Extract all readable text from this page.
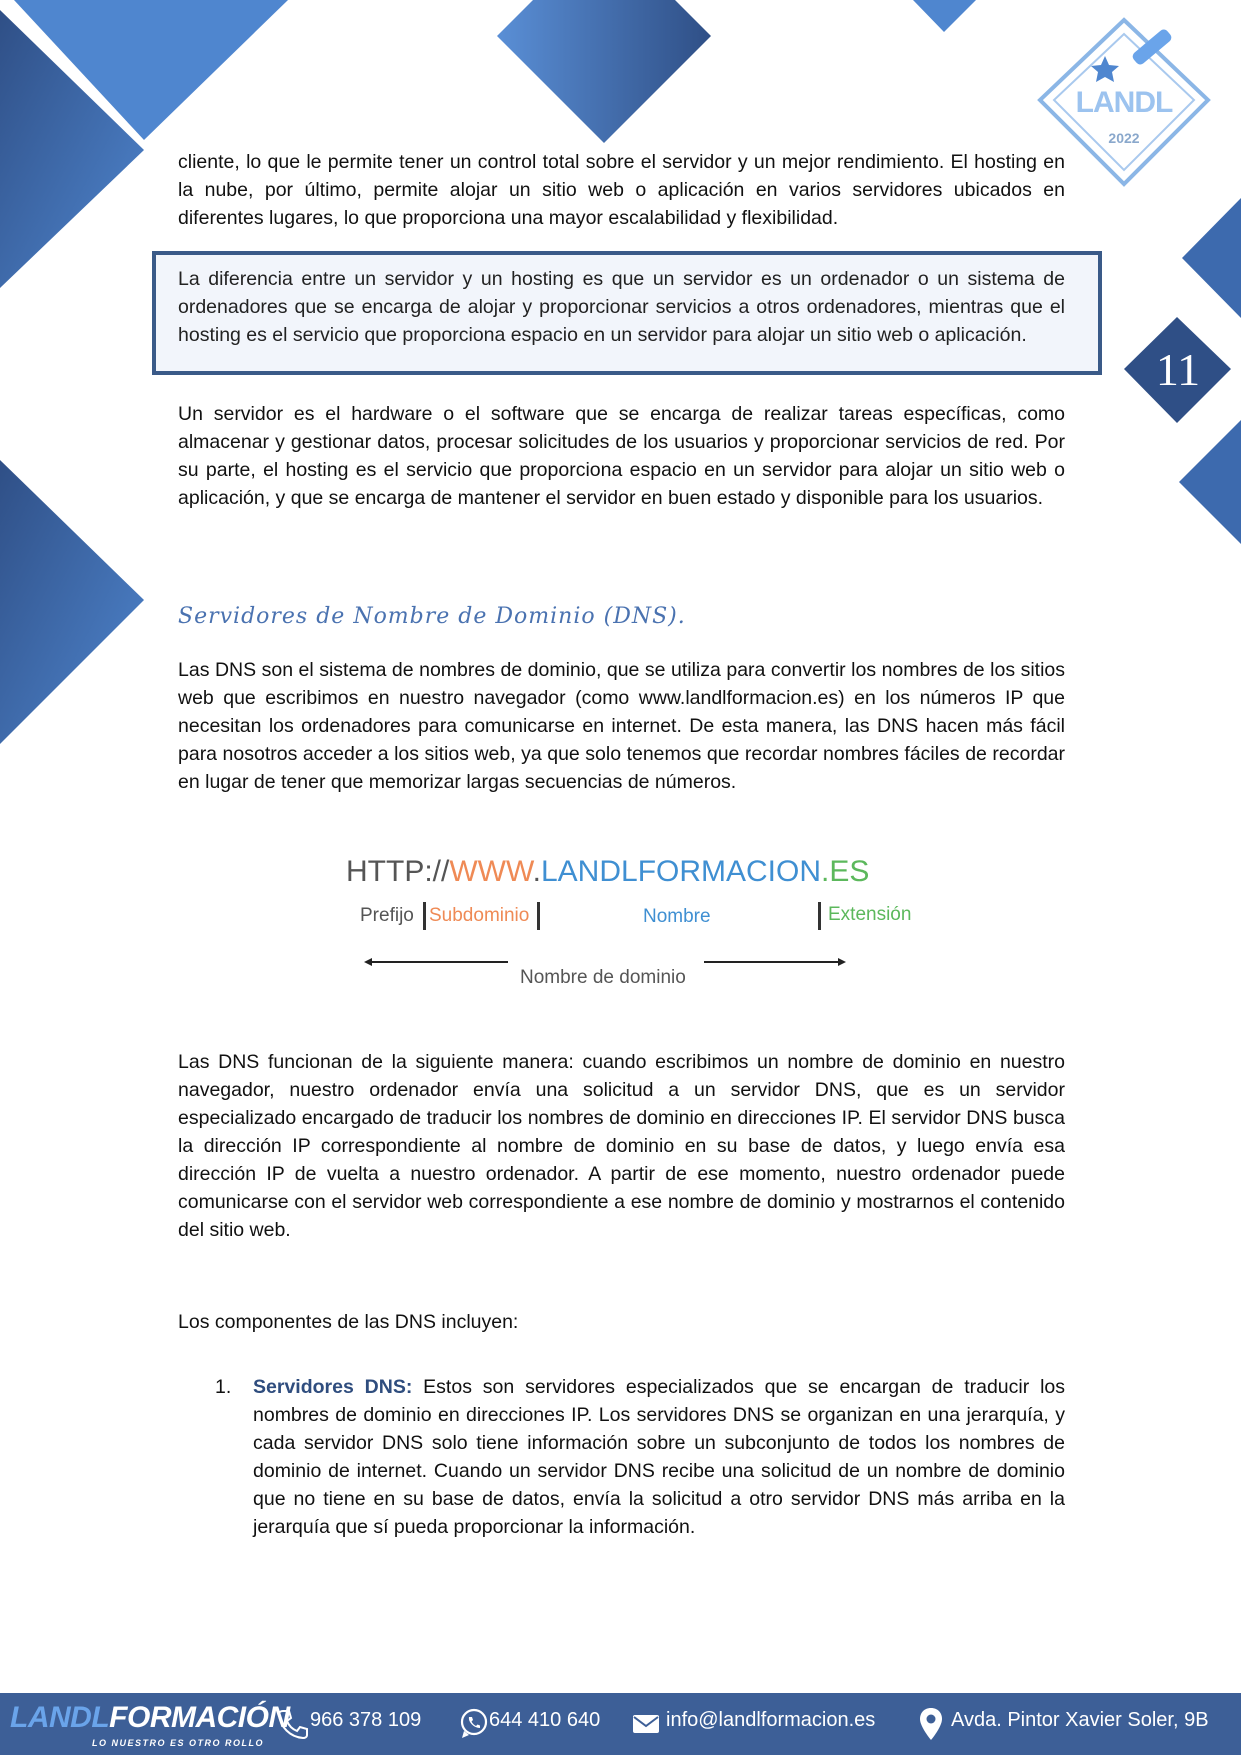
LANDL
2022
11

cliente, lo que le permite tener un control total sobre el servidor y un mejor rendimiento. El hosting en la nube, por último, permite alojar un sitio web o aplicación en varios servidores ubicados en diferentes lugares, lo que proporciona una mayor escalabilidad y flexibilidad.

La diferencia entre un servidor y un hosting es que un servidor es un ordenador o un sistema de ordenadores que se encarga de alojar y proporcionar servicios a otros ordenadores, mientras que el hosting es el servicio que proporciona espacio en un servidor para alojar un sitio web o aplicación.

Un servidor es el hardware o el software que se encarga de realizar tareas específicas, como almacenar y gestionar datos, procesar solicitudes de los usuarios y proporcionar servicios de red. Por su parte, el hosting es el servicio que proporciona espacio en un servidor para alojar un sitio web o aplicación, y que se encarga de mantener el servidor en buen estado y disponible para los usuarios.

Servidores de Nombre de Dominio (DNS).

Las DNS son el sistema de nombres de dominio, que se utiliza para convertir los nombres de los sitios web que escribimos en nuestro navegador (como www.landlformacion.es) en los números IP que necesitan los ordenadores para comunicarse en internet. De esta manera, las DNS hacen más fácil para nosotros acceder a los sitios web, ya que solo tenemos que recordar nombres fáciles de recordar en lugar de tener que memorizar largas secuencias de números.

HTTP://WWW.LANDLFORMACION.ES
Prefijo Subdominio	Nombre	Extensión
Nombre de dominio

Las DNS funcionan de la siguiente manera: cuando escribimos un nombre de dominio en nuestro navegador, nuestro ordenador envía una solicitud a un servidor DNS, que es un servidor especializado encargado de traducir los nombres de dominio en direcciones IP. El servidor DNS busca la dirección IP correspondiente al nombre de dominio en su base de datos, y luego envía esa dirección IP de vuelta a nuestro ordenador. A partir de ese momento, nuestro ordenador puede comunicarse con el servidor web correspondiente a ese nombre de dominio y mostrarnos el contenido del sitio web.

Los componentes de las DNS incluyen:

1. Servidores DNS: Estos son servidores especializados que se encargan de traducir los nombres de dominio en direcciones IP. Los servidores DNS se organizan en una jerarquía, y cada servidor DNS solo tiene información sobre un subconjunto de todos los nombres de dominio de internet. Cuando un servidor DNS recibe una solicitud de un nombre de dominio que no tiene en su base de datos, envía la solicitud a otro servidor DNS más arriba en la jerarquía que sí pueda proporcionar la información.
LANDLFORMACIÓN
LO NUESTRO ES OTRO ROLLO
966 378 109	644 410 640	info@landlformacion.es	Avda. Pintor Xavier Soler, 9B
